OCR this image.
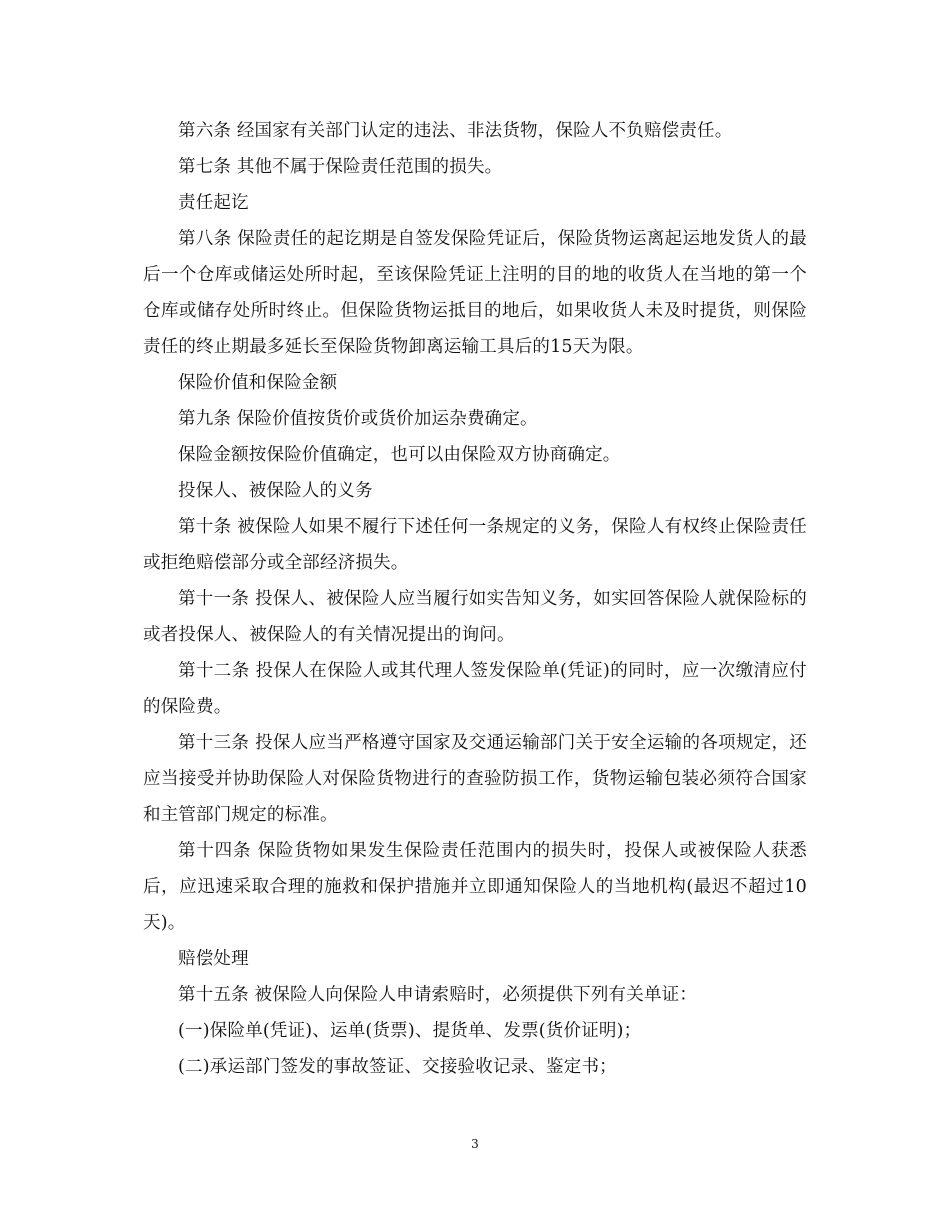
第六条 经国家有关部门认定的违法、非法货物，保险人不负赔偿责任。

第七条 其他不属于保险责任范围的损失。

责任起讫

第八条 保险责任的起讫期是自签发保险凭证后，保险货物运离起运地发货人的最后一个仓库或储运处所时起，至该保险凭证上注明的目的地的收货人在当地的第一个仓库或储存处所时终止。但保险货物运抵目的地后，如果收货人未及时提货，则保险责任的终止期最多延长至保险货物卸离运输工具后的15天为限。

保险价值和保险金额

第九条 保险价值按货价或货价加运杂费确定。

保险金额按保险价值确定，也可以由保险双方协商确定。

投保人、被保险人的义务

第十条 被保险人如果不履行下述任何一条规定的义务，保险人有权终止保险责任或拒绝赔偿部分或全部经济损失。

第十一条 投保人、被保险人应当履行如实告知义务，如实回答保险人就保险标的或者投保人、被保险人的有关情况提出的询问。

第十二条 投保人在保险人或其代理人签发保险单(凭证)的同时，应一次缴清应付的保险费。

第十三条 投保人应当严格遵守国家及交通运输部门关于安全运输的各项规定，还应当接受并协助保险人对保险货物进行的查验防损工作，货物运输包装必须符合国家和主管部门规定的标准。

第十四条 保险货物如果发生保险责任范围内的损失时，投保人或被保险人获悉后，应迅速采取合理的施救和保护措施并立即通知保险人的当地机构(最迟不超过10天)。

赔偿处理

第十五条 被保险人向保险人申请索赔时，必须提供下列有关单证：

(一)保险单(凭证)、运单(货票)、提货单、发票(货价证明)；

(二)承运部门签发的事故签证、交接验收记录、鉴定书；

3
